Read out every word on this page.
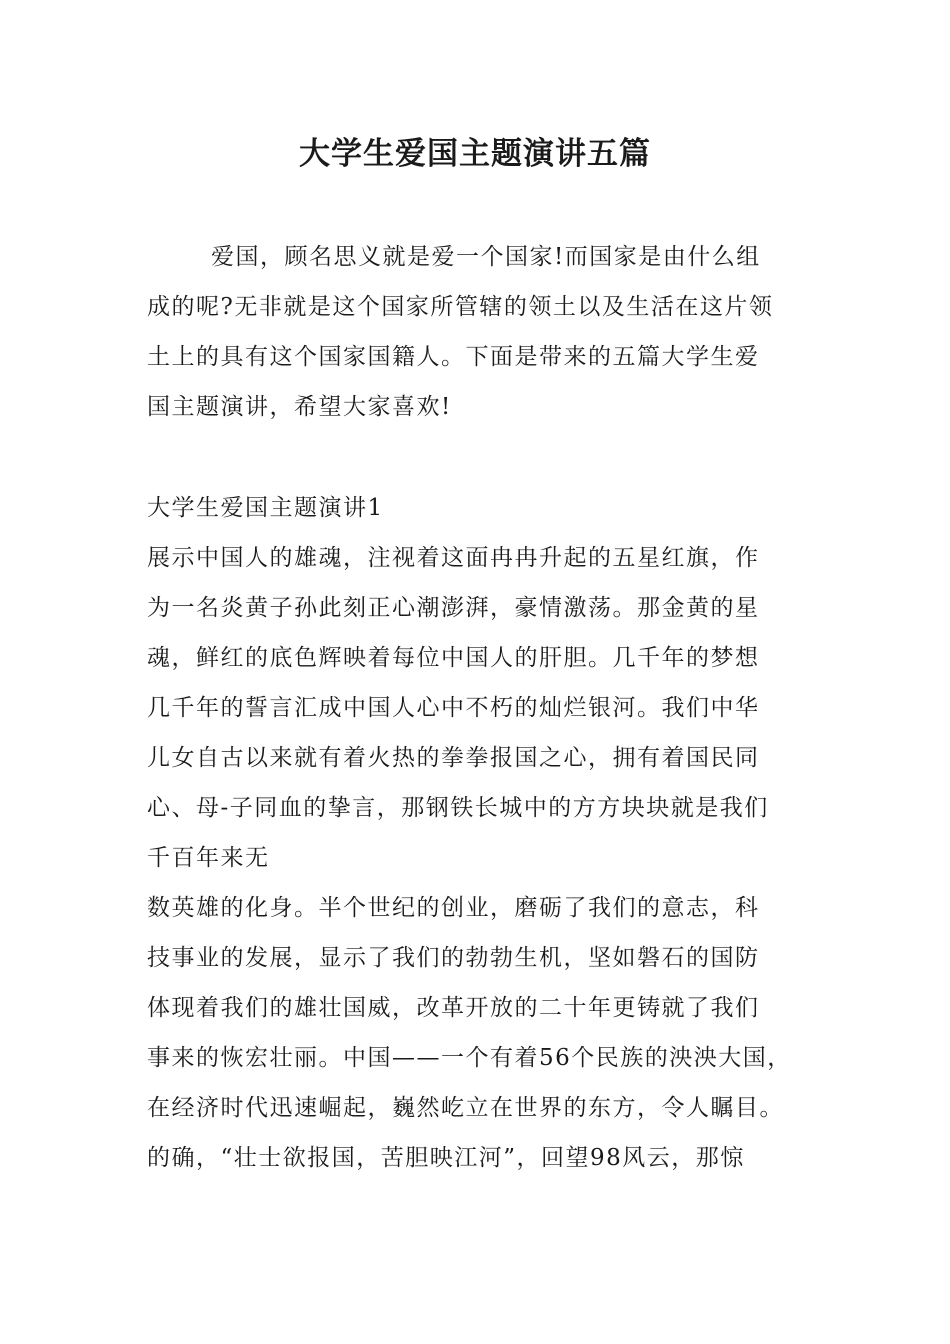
大学生爱国主题演讲五篇

爱国，顾名思义就是爱一个国家!而国家是由什么组
成的呢?无非就是这个国家所管辖的领土以及生活在这片领
土上的具有这个国家国籍人。下面是带来的五篇大学生爱
国主题演讲，希望大家喜欢!

大学生爱国主题演讲1
展示中国人的雄魂，注视着这面冉冉升起的五星红旗，作
为一名炎黄子孙此刻正心潮澎湃，豪情激荡。那金黄的星
魂，鲜红的底色辉映着每位中国人的肝胆。几千年的梦想
几千年的誓言汇成中国人心中不朽的灿烂银河。我们中华
儿女自古以来就有着火热的拳拳报国之心，拥有着国民同
心、母-子同血的挚言，那钢铁长城中的方方块块就是我们
千百年来无
数英雄的化身。半个世纪的创业，磨砺了我们的意志，科
技事业的发展，显示了我们的勃勃生机，坚如磐石的国防
体现着我们的雄壮国威，改革开放的二十年更铸就了我们
事来的恢宏壮丽。中国——一个有着56个民族的泱泱大国，
在经济时代迅速崛起，巍然屹立在世界的东方，令人瞩目。
的确，“壮士欲报国，苦胆映江河”，回望98风云，那惊
